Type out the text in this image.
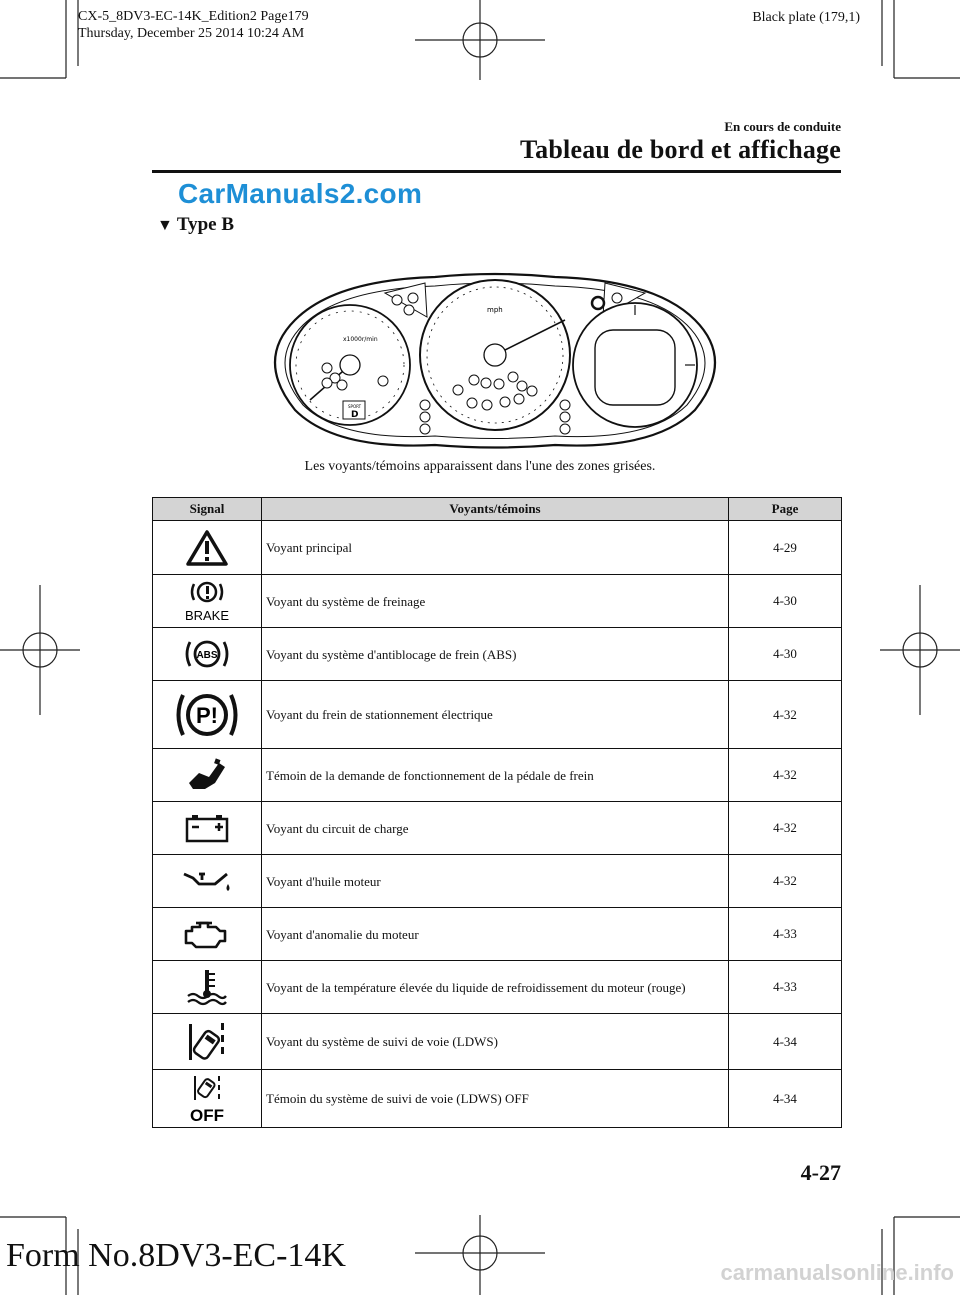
CX-5_8DV3-EC-14K_Edition2 Page179
Thursday, December 25 2014 10:24 AM
Black plate (179,1)
En cours de conduite
Tableau de bord et affichage
CarManuals2.com
▼ Type B
x1000r/min
SPORT
D
mph
Les voyants/témoins apparaissent dans l'une des zones grisées.
Signal	Voyants/témoins	Page

	Voyant principal	4-29

BRAKE	Voyant du système de freinage	4-30

ABS	Voyant du système d'antiblocage de frein (ABS)	4-30

P!	Voyant du frein de stationnement électrique	4-32

	Témoin de la demande de fonctionnement de la pédale de frein	4-32

	Voyant du circuit de charge	4-32

	Voyant d'huile moteur	4-32

	Voyant d'anomalie du moteur	4-33

	Voyant de la température élevée du liquide de refroidissement du moteur (rouge)	4-33

	Voyant du système de suivi de voie (LDWS)	4-34

OFF	Témoin du système de suivi de voie (LDWS) OFF	4-34
4-27
Form No.8DV3-EC-14K	carmanualsonline.info
